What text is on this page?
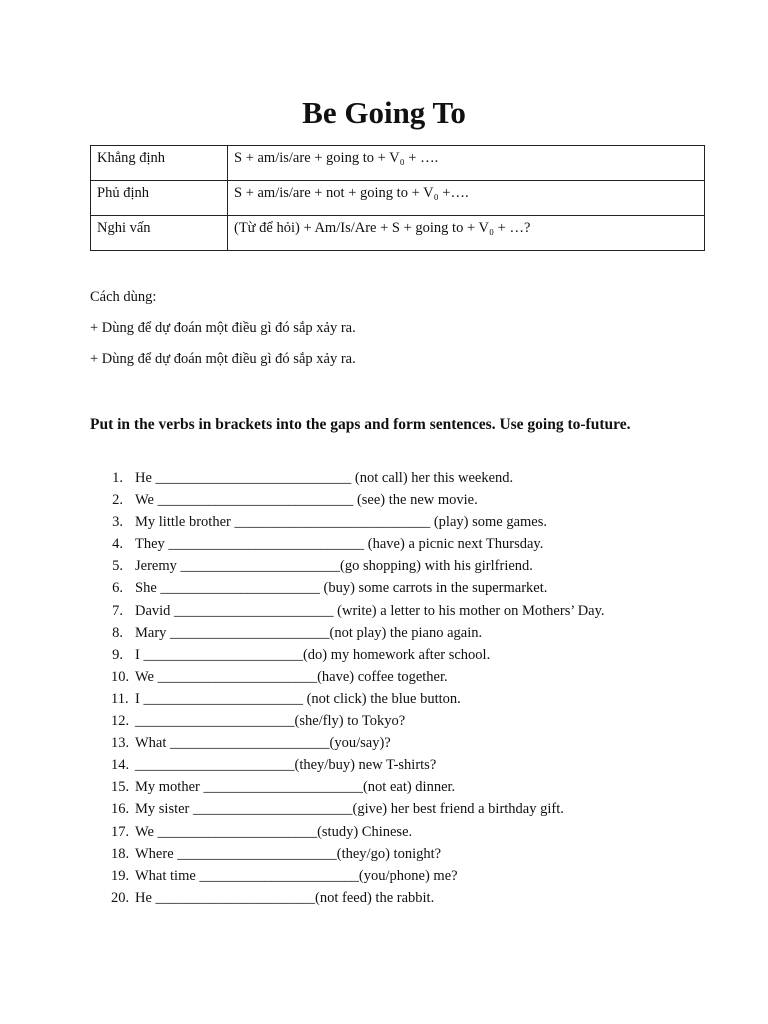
Be Going To
Khẳng định	S + am/is/are + going to + V₀ + ….
Phủ định	S + am/is/are + not + going to + V₀ +….
Nghi vấn	(Từ để hỏi) + Am/Is/Are + S + going to + V₀ + …?
Cách dùng:
+ Dùng để dự đoán một điều gì đó sắp xảy ra.
+ Dùng để dự đoán một điều gì đó sắp xảy ra.
Put in the verbs in brackets into the gaps and form sentences. Use going to-future.
1. He ___________________________ (not call) her this weekend.
2. We ___________________________ (see) the new movie.
3. My little brother ___________________________ (play) some games.
4. They ___________________________ (have) a picnic next Thursday.
5. Jeremy ______________________(go shopping) with his girlfriend.
6. She ______________________ (buy) some carrots in the supermarket.
7. David ______________________ (write) a letter to his mother on Mothers’ Day.
8. Mary ______________________(not play) the piano again.
9. I ______________________(do) my homework after school.
10. We ______________________(have) coffee together.
11. I ______________________ (not click) the blue button.
12. ______________________(she/fly) to Tokyo?
13. What ______________________(you/say)?
14. ______________________(they/buy) new T-shirts?
15. My mother ______________________(not eat) dinner.
16. My sister ______________________(give) her best friend a birthday gift.
17. We ______________________(study) Chinese.
18. Where ______________________(they/go) tonight?
19. What time ______________________(you/phone) me?
20. He ______________________(not feed) the rabbit.
